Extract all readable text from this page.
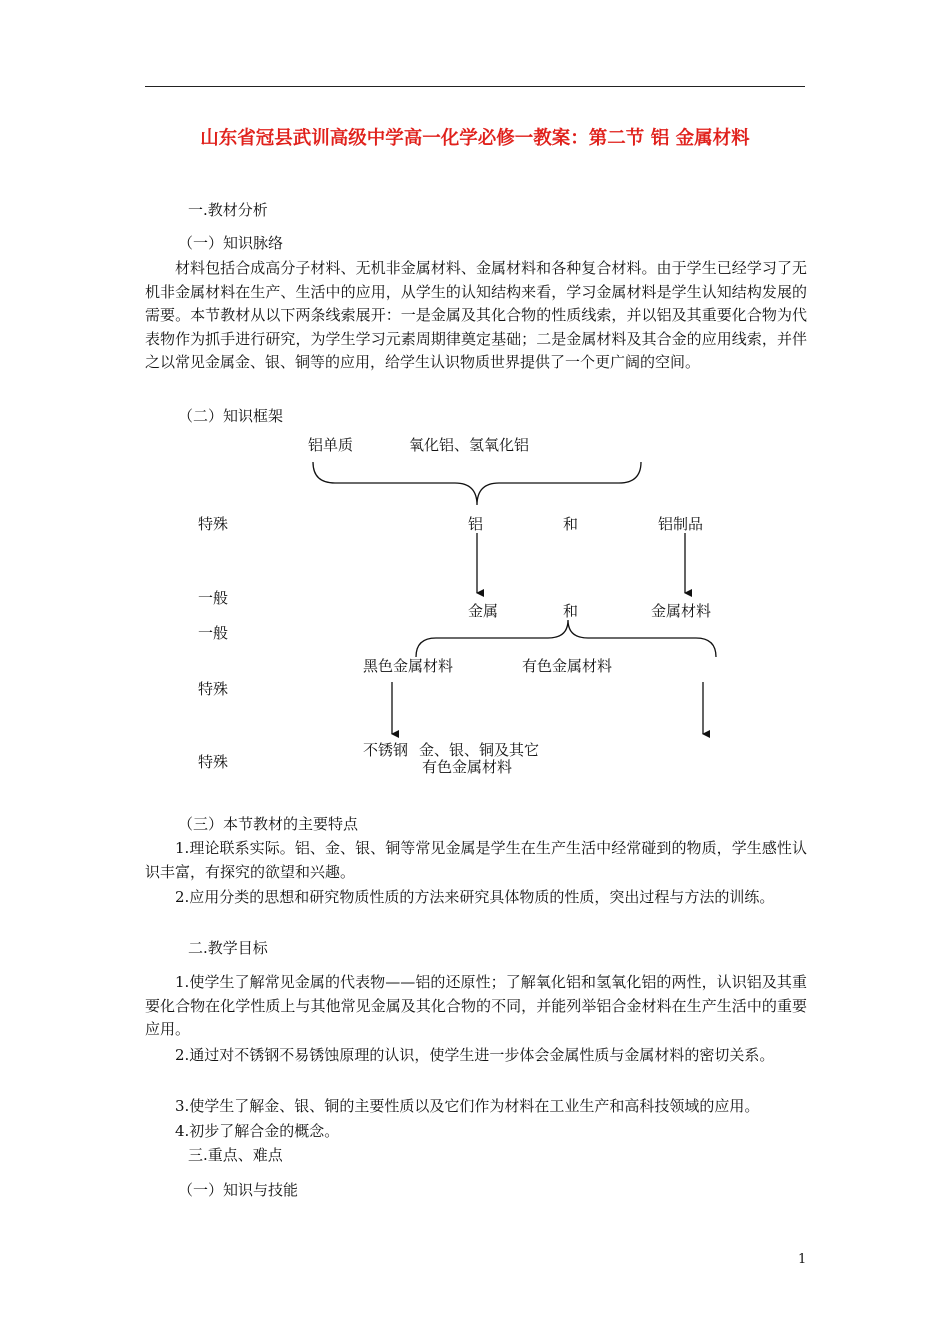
山东省冠县武训高级中学高一化学必修一教案：第二节 铝 金属材料
一.教材分析
（一）知识脉络
材料包括合成高分子材料、无机非金属材料、金属材料和各种复合材料。由于学生已经学习了无机非金属材料在生产、生活中的应用，从学生的认知结构来看，学习金属材料是学生认知结构发展的需要。本节教材从以下两条线索展开：一是金属及其化合物的性质线索，并以铝及其重要化合物为代表物作为抓手进行研究，为学生学习元素周期律奠定基础；二是金属材料及其合金的应用线索，并伴之以常见金属金、银、铜等的应用，给学生认识物质世界提供了一个更广阔的空间。
（二）知识框架
铝单质	氧化铝、氢氧化铝
特殊	铝	和	铝制品
一般
金属	和	金属材料
一般
黑色金属材料	有色金属材料
特殊
不锈钢 金、银、铜及其它
有色金属材料
特殊
（三）本节教材的主要特点
1.理论联系实际。铝、金、银、铜等常见金属是学生在生产生活中经常碰到的物质，学生感性认识丰富，有探究的欲望和兴趣。
2.应用分类的思想和研究物质性质的方法来研究具体物质的性质，突出过程与方法的训练。
二.教学目标
1.使学生了解常见金属的代表物——铝的还原性；了解氧化铝和氢氧化铝的两性，认识铝及其重要化合物在化学性质上与其他常见金属及其化合物的不同，并能列举铝合金材料在生产生活中的重要应用。
2.通过对不锈钢不易锈蚀原理的认识，使学生进一步体会金属性质与金属材料的密切关系。
3.使学生了解金、银、铜的主要性质以及它们作为材料在工业生产和高科技领域的应用。
4.初步了解合金的概念。
三.重点、难点
（一）知识与技能
1
